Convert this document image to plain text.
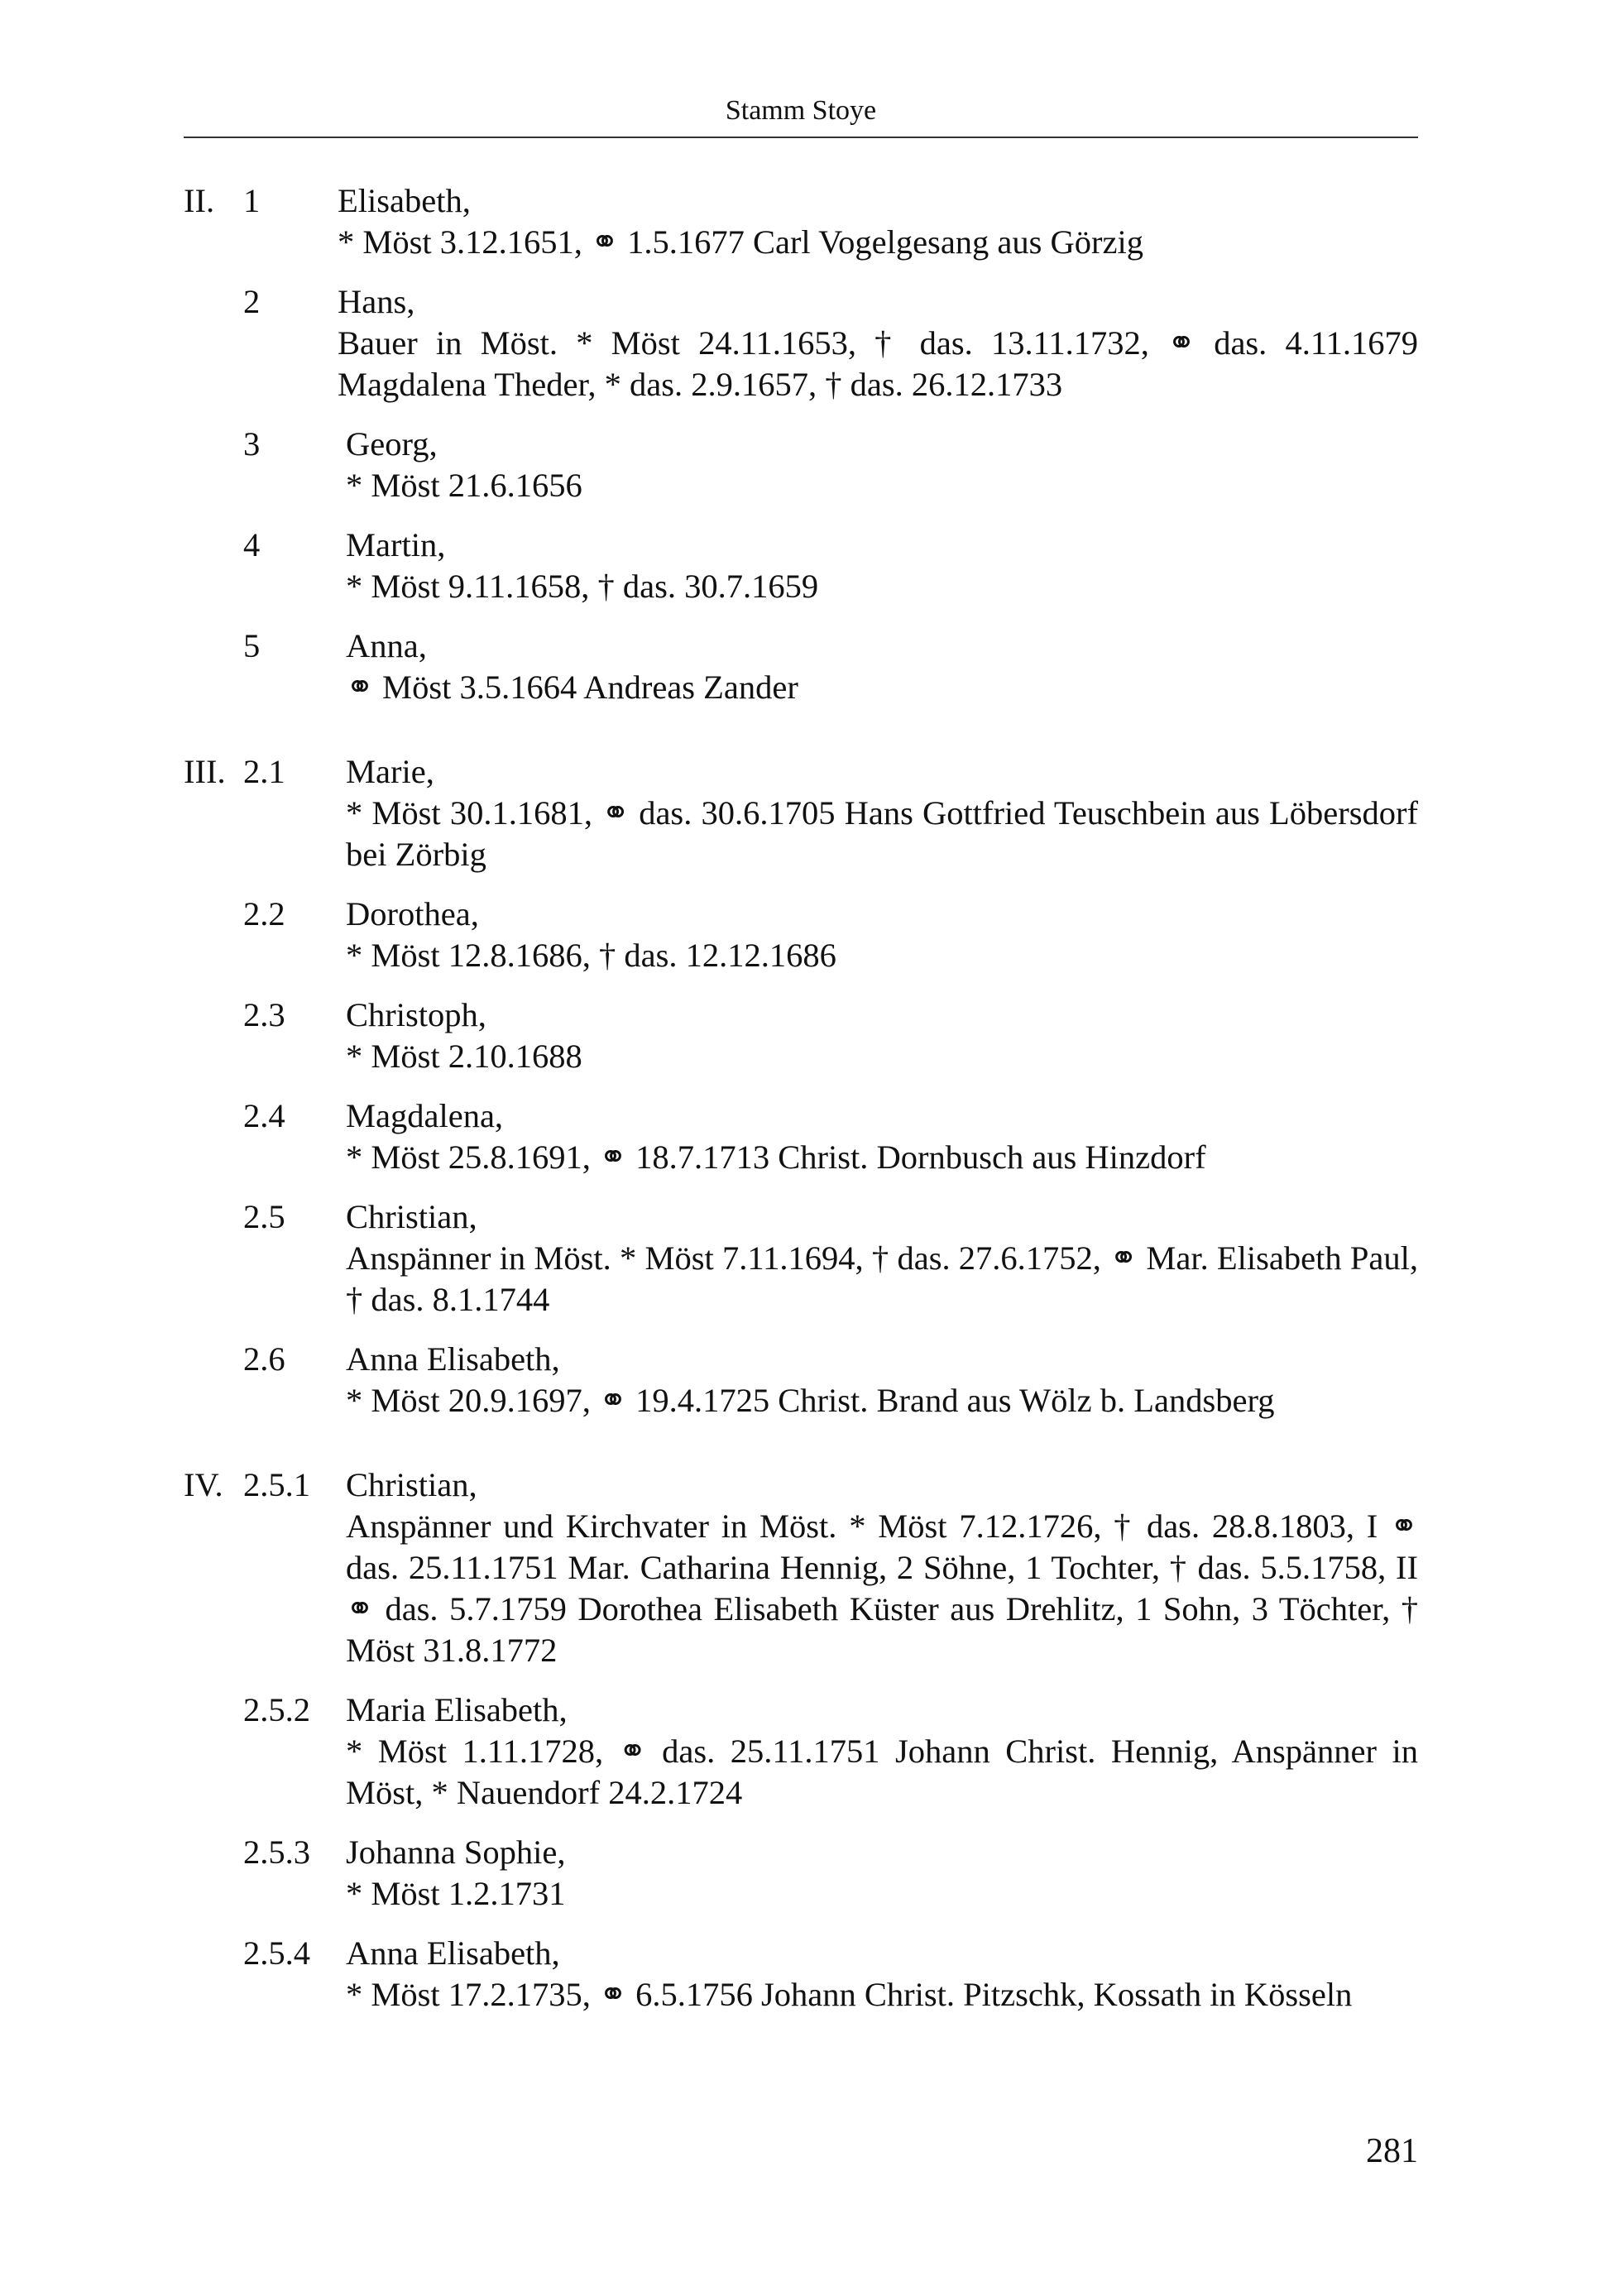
Stamm Stoye
II. 1 Elisabeth,
* Möst 3.12.1651, ⚭ 1.5.1677 Carl Vogelgesang aus Görzig
2 Hans,
Bauer in Möst. * Möst 24.11.1653, † das. 13.11.1732, ⚭ das. 4.11.1679 Magdalena Theder, * das. 2.9.1657, † das. 26.12.1733
3	Georg,
* Möst 21.6.1656
4	Martin,
* Möst 9.11.1658, † das. 30.7.1659
5	Anna,
⚭ Möst 3.5.1664 Andreas Zander
III. 2.1 Marie,
* Möst 30.1.1681, ⚭ das. 30.6.1705 Hans Gottfried Teuschbein aus Löbersdorf bei Zörbig
2.2 Dorothea,
* Möst 12.8.1686, † das. 12.12.1686
2.3 Christoph,
* Möst 2.10.1688
2.4 Magdalena,
* Möst 25.8.1691, ⚭ 18.7.1713 Christ. Dornbusch aus Hinzdorf
2.5 Christian,
Anspänner in Möst. * Möst 7.11.1694, † das. 27.6.1752, ⚭ Mar. Elisabeth Paul, † das. 8.1.1744
2.6 Anna Elisabeth,
* Möst 20.9.1697, ⚭ 19.4.1725 Christ. Brand aus Wölz b. Landsberg
IV. 2.5.1 Christian,
Anspänner und Kirchvater in Möst. * Möst 7.12.1726, † das. 28.8.1803, I ⚭ das. 25.11.1751 Mar. Catharina Hennig, 2 Söhne, 1 Tochter, † das. 5.5.1758, II ⚭ das. 5.7.1759 Dorothea Elisabeth Küster aus Drehlitz, 1 Sohn, 3 Töchter, † Möst 31.8.1772
2.5.2 Maria Elisabeth,
* Möst 1.11.1728, ⚭ das. 25.11.1751 Johann Christ. Hennig, Anspänner in Möst, * Nauendorf 24.2.1724
2.5.3 Johanna Sophie,
* Möst 1.2.1731
2.5.4 Anna Elisabeth,
* Möst 17.2.1735, ⚭ 6.5.1756 Johann Christ. Pitzschk, Kossath in Kösseln
281
